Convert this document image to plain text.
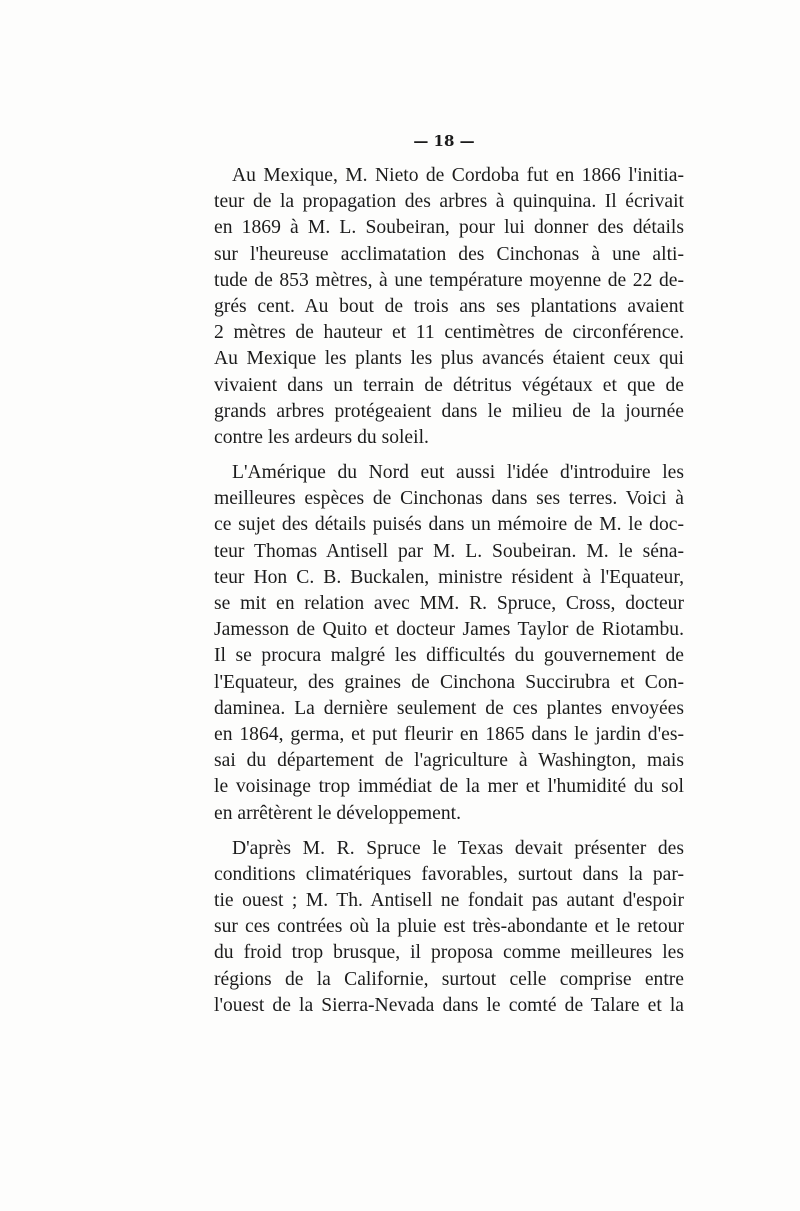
— 18 —
Au Mexique, M. Nieto de Cordoba fut en 1866 l'initia-
teur de la propagation des arbres à quinquina. Il écrivait
en 1869 à M. L. Soubeiran, pour lui donner des détails
sur l'heureuse acclimatation des Cinchonas à une alti-
tude de 853 mètres, à une température moyenne de 22 de-
grés cent. Au bout de trois ans ses plantations avaient
2 mètres de hauteur et 11 centimètres de circonférence.
Au Mexique les plants les plus avancés étaient ceux qui
vivaient dans un terrain de détritus végétaux et que de
grands arbres protégeaient dans le milieu de la journée
contre les ardeurs du soleil.
L'Amérique du Nord eut aussi l'idée d'introduire les
meilleures espèces de Cinchonas dans ses terres. Voici à
ce sujet des détails puisés dans un mémoire de M. le doc-
teur Thomas Antisell par M. L. Soubeiran. M. le séna-
teur Hon C. B. Buckalen, ministre résident à l'Equateur,
se mit en relation avec MM. R. Spruce, Cross, docteur
Jamesson de Quito et docteur James Taylor de Riotambu.
Il se procura malgré les difficultés du gouvernement de
l'Equateur, des graines de Cinchona Succirubra et Con-
daminea. La dernière seulement de ces plantes envoyées
en 1864, germa, et put fleurir en 1865 dans le jardin d'es-
sai du département de l'agriculture à Washington, mais
le voisinage trop immédiat de la mer et l'humidité du sol
en arrêtèrent le développement.
D'après M. R. Spruce le Texas devait présenter des
conditions climatériques favorables, surtout dans la par-
tie ouest ; M. Th. Antisell ne fondait pas autant d'espoir
sur ces contrées où la pluie est très-abondante et le retour
du froid trop brusque, il proposa comme meilleures les
régions de la Californie, surtout celle comprise entre
l'ouest de la Sierra-Nevada dans le comté de Talare et la
